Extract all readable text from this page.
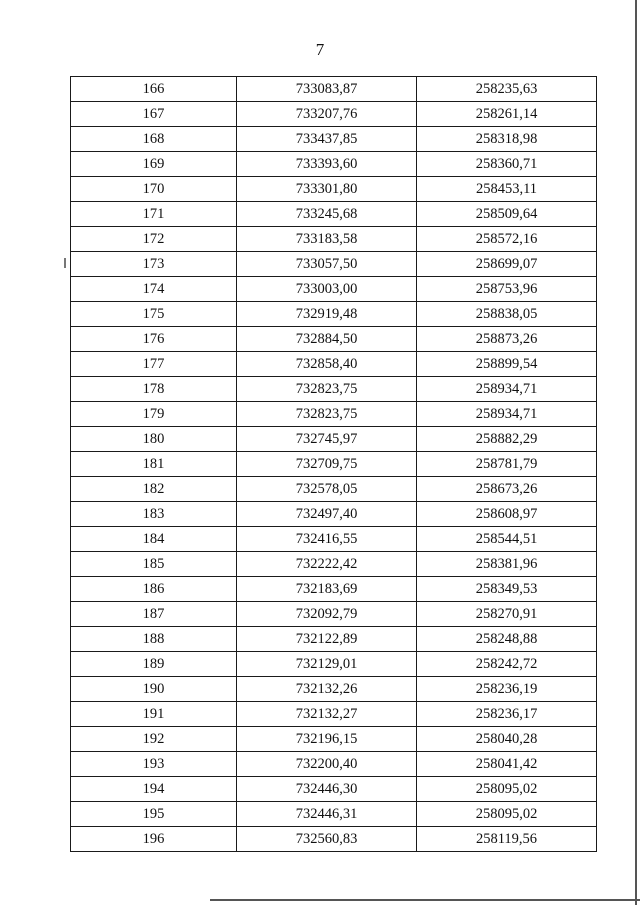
7
166	733083,87	258235,63
167	733207,76	258261,14
168	733437,85	258318,98
169	733393,60	258360,71
170	733301,80	258453,11
171	733245,68	258509,64
172	733183,58	258572,16
173	733057,50	258699,07
174	733003,00	258753,96
175	732919,48	258838,05
176	732884,50	258873,26
177	732858,40	258899,54
178	732823,75	258934,71
179	732823,75	258934,71
180	732745,97	258882,29
181	732709,75	258781,79
182	732578,05	258673,26
183	732497,40	258608,97
184	732416,55	258544,51
185	732222,42	258381,96
186	732183,69	258349,53
187	732092,79	258270,91
188	732122,89	258248,88
189	732129,01	258242,72
190	732132,26	258236,19
191	732132,27	258236,17
192	732196,15	258040,28
193	732200,40	258041,42
194	732446,30	258095,02
195	732446,31	258095,02
196	732560,83	258119,56
